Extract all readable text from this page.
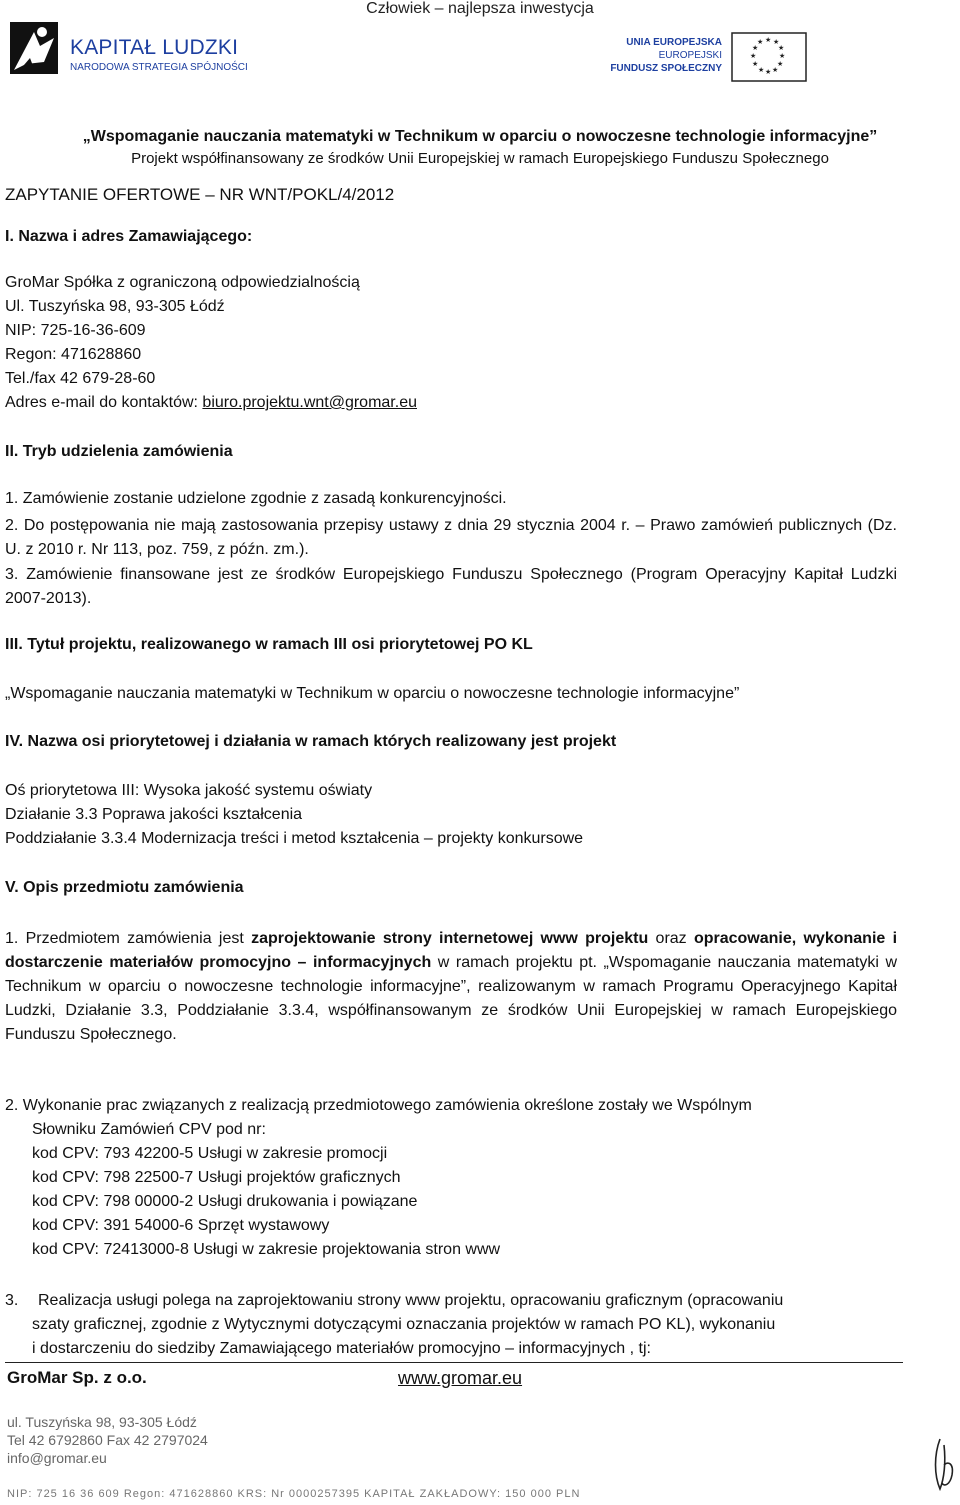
Człowiek – najlepsza inwestycja
KAPITAŁ LUDZKI
NARODOWA STRATEGIA SPÓJNOŚCI
UNIA EUROPEJSKA
EUROPEJSKI
FUNDUSZ SPOŁECZNY
★ ★
★
★
★
★
★
★
★
★
★
★
„Wspomaganie nauczania matematyki w Technikum w oparciu o nowoczesne technologie informacyjne”
Projekt współfinansowany ze środków Unii Europejskiej w ramach Europejskiego Funduszu Społecznego
ZAPYTANIE OFERTOWE – NR WNT/POKL/4/2012
I. Nazwa i adres Zamawiającego:
GroMar Spółka z ograniczoną odpowiedzialnością
Ul. Tuszyńska 98, 93-305 Łódź
NIP: 725-16-36-609
Regon: 471628860
Tel./fax 42 679-28-60
Adres e-mail do kontaktów: biuro.projektu.wnt@gromar.eu
II. Tryb udzielenia zamówienia
1. Zamówienie zostanie udzielone zgodnie z zasadą konkurencyjności.
2. Do postępowania nie mają zastosowania przepisy ustawy z dnia 29 stycznia 2004 r. – Prawo zamówień publicznych (Dz. U. z 2010 r. Nr 113, poz. 759, z późn. zm.).
3. Zamówienie finansowane jest ze środków Europejskiego Funduszu Społecznego (Program Operacyjny Kapitał Ludzki 2007-2013).
III. Tytuł projektu, realizowanego w ramach III osi priorytetowej PO KL
„Wspomaganie nauczania matematyki w Technikum w oparciu o nowoczesne technologie informacyjne”
IV. Nazwa osi priorytetowej i działania w ramach których realizowany jest projekt
Oś priorytetowa III: Wysoka jakość systemu oświaty
Działanie 3.3 Poprawa jakości kształcenia
Poddziałanie 3.3.4 Modernizacja treści i metod kształcenia – projekty konkursowe
V. Opis przedmiotu zamówienia
1. Przedmiotem zamówienia jest zaprojektowanie strony internetowej www projektu oraz opracowanie, wykonanie i dostarczenie materiałów promocyjno – informacyjnych w ramach projektu pt. „Wspomaganie nauczania matematyki w Technikum w oparciu o nowoczesne technologie informacyjne”, realizowanym w ramach Programu Operacyjnego Kapitał Ludzki, Działanie 3.3, Poddziałanie 3.3.4, współfinansowanym ze środków Unii Europejskiej w ramach Europejskiego Funduszu Społecznego.
2. Wykonanie prac związanych z realizacją przedmiotowego zamówienia określone zostały we Wspólnym
Słowniku Zamówień CPV pod nr:
kod CPV: 793 42200-5 Usługi w zakresie promocji
kod CPV: 798 22500-7 Usługi projektów graficznych
kod CPV: 798 00000-2 Usługi drukowania i powiązane
kod CPV: 391 54000-6 Sprzęt wystawowy
kod CPV: 72413000-8 Usługi w zakresie projektowania stron www
3. Realizacja usługi polega na zaprojektowaniu strony www projektu, opracowaniu graficznym (opracowaniu
szaty graficznej, zgodnie z Wytycznymi dotyczącymi oznaczania projektów w ramach PO KL), wykonaniu
i dostarczeniu do siedziby Zamawiającego materiałów promocyjno – informacyjnych , tj:
GroMar Sp. z o.o.	www.gromar.eu
ul. Tuszyńska 98, 93-305 Łódź
Tel 42 6792860 Fax 42 2797024
info@gromar.eu
NIP: 725 16 36 609 Regon: 471628860 KRS: Nr 0000257395 KAPITAŁ ZAKŁADOWY: 150 000 PLN
